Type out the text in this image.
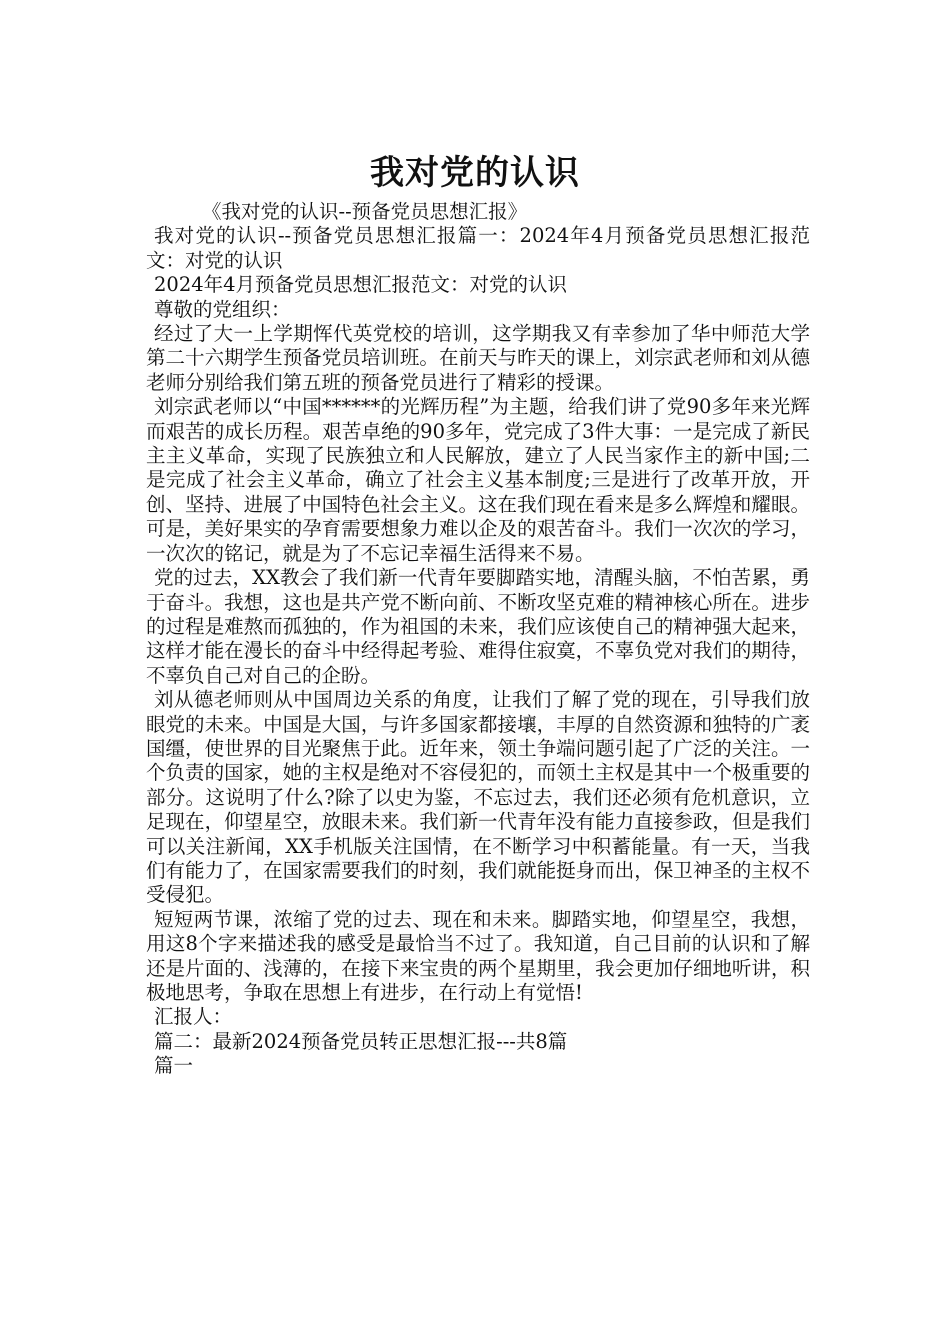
我对党的认识

《我对党的认识--预备党员思想汇报》

我对党的认识--预备党员思想汇报篇一：2024年4月预备党员思想汇报范文：对党的认识

2024年4月预备党员思想汇报范文：对党的认识

尊敬的党组织：

经过了大一上学期恽代英党校的培训，这学期我又有幸参加了华中师范大学第二十六期学生预备党员培训班。在前天与昨天的课上，刘宗武老师和刘从德老师分别给我们第五班的预备党员进行了精彩的授课。

刘宗武老师以“中国******的光辉历程”为主题，给我们讲了党90多年来光辉而艰苦的成长历程。艰苦卓绝的90多年，党完成了3件大事：一是完成了新民主主义革命，实现了民族独立和人民解放，建立了人民当家作主的新中国;二是完成了社会主义革命，确立了社会主义基本制度;三是进行了改革开放，开创、坚持、进展了中国特色社会主义。这在我们现在看来是多么辉煌和耀眼。可是，美好果实的孕育需要想象力难以企及的艰苦奋斗。我们一次次的学习，一次次的铭记，就是为了不忘记幸福生活得来不易。

党的过去，XX教会了我们新一代青年要脚踏实地，清醒头脑，不怕苦累，勇于奋斗。我想，这也是共产党不断向前、不断攻坚克难的精神核心所在。进步的过程是难熬而孤独的，作为祖国的未来，我们应该使自己的精神强大起来，这样才能在漫长的奋斗中经得起考验、难得住寂寞，不辜负党对我们的期待，不辜负自己对自己的企盼。

刘从德老师则从中国周边关系的角度，让我们了解了党的现在，引导我们放眼党的未来。中国是大国，与许多国家都接壤，丰厚的自然资源和独特的广袤国缰，使世界的目光聚焦于此。近年来，领土争端问题引起了广泛的关注。一个负责的国家，她的主权是绝对不容侵犯的，而领土主权是其中一个极重要的部分。这说明了什么?除了以史为鉴，不忘过去，我们还必须有危机意识，立足现在，仰望星空，放眼未来。我们新一代青年没有能力直接参政，但是我们可以关注新闻，XX手机版关注国情，在不断学习中积蓄能量。有一天，当我们有能力了，在国家需要我们的时刻，我们就能挺身而出，保卫神圣的主权不受侵犯。

短短两节课，浓缩了党的过去、现在和未来。脚踏实地，仰望星空，我想，用这8个字来描述我的感受是最恰当不过了。我知道，自己目前的认识和了解还是片面的、浅薄的，在接下来宝贵的两个星期里，我会更加仔细地听讲，积极地思考，争取在思想上有进步，在行动上有觉悟!

汇报人：

篇二：最新2024预备党员转正思想汇报---共8篇

篇一
